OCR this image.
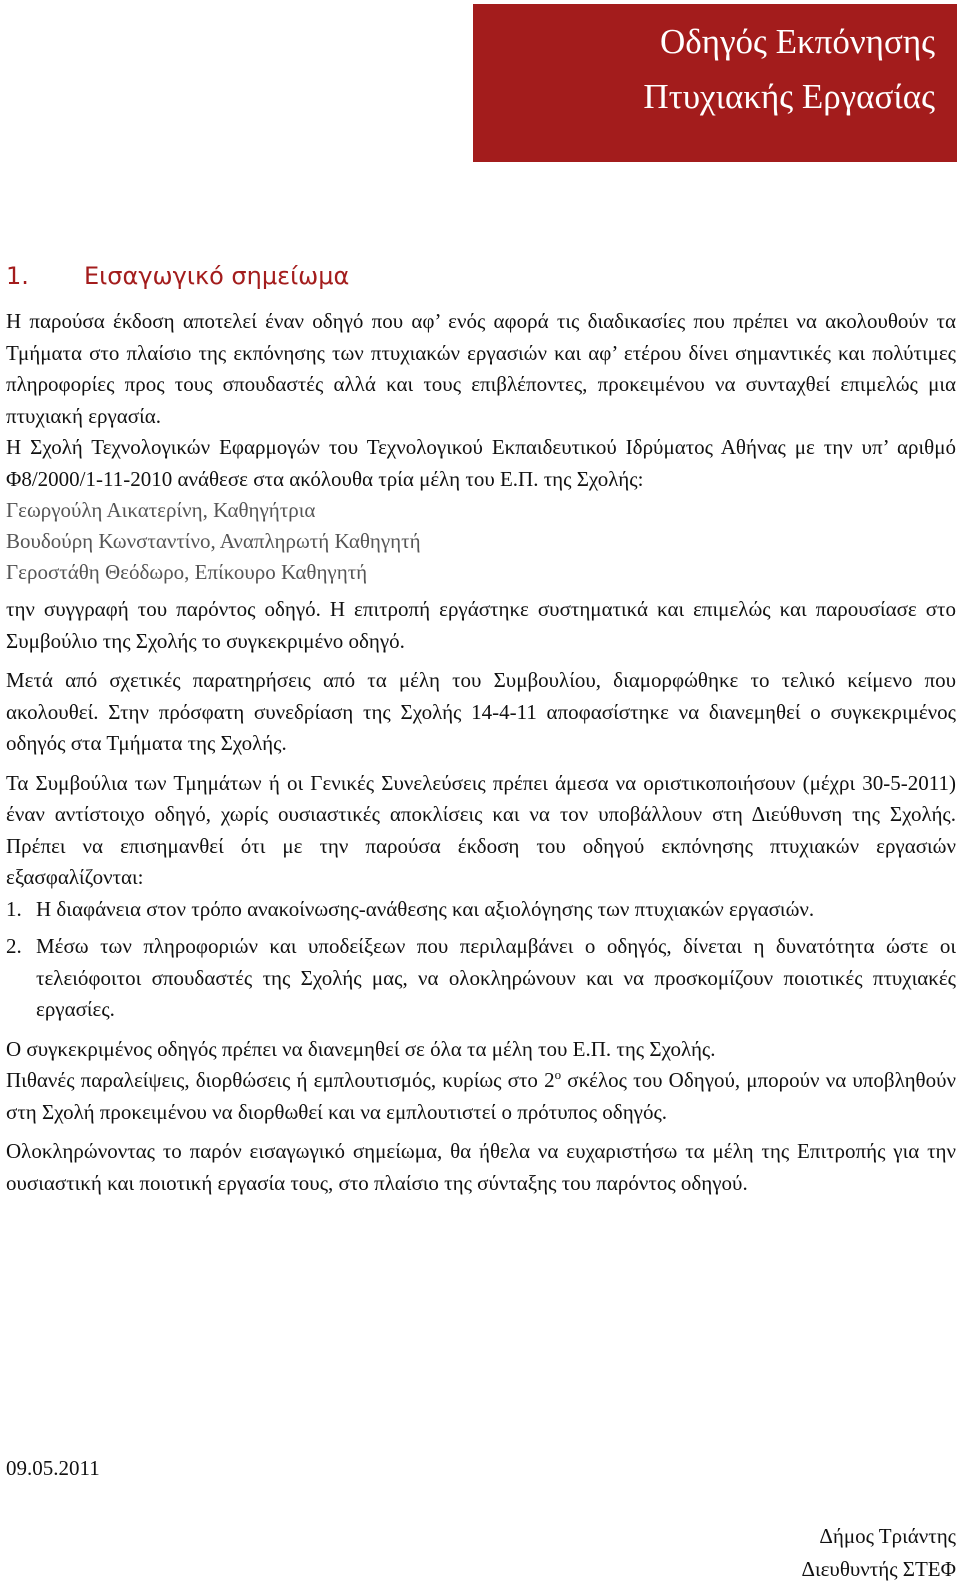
Οδηγός Εκπόνησης
Πτυχιακής Εργασίας
1. Εισαγωγικό σημείωμα

Η παρούσα έκδοση αποτελεί έναν οδηγό που αφ’ ενός αφορά τις διαδικασίες που πρέπει να ακολουθούν τα Τμήματα στο πλαίσιο της εκπόνησης των πτυχιακών εργασιών και αφ’ ετέρου δίνει σημαντικές και πολύτιμες πληροφορίες προς τους σπουδαστές αλλά και τους επιβλέποντες, προκειμένου να συνταχθεί επιμελώς μια πτυχιακή εργασία.

Η Σχολή Τεχνολογικών Εφαρμογών του Τεχνολογικού Εκπαιδευτικού Ιδρύματος Αθήνας με την υπ’ αριθμό Φ8/2000/1-11-2010 ανάθεσε στα ακόλουθα τρία μέλη του Ε.Π. της Σχολής:

Γεωργούλη Αικατερίνη, Καθηγήτρια
Βουδούρη Κωνσταντίνο, Αναπληρωτή Καθηγητή
Γεροστάθη Θεόδωρο, Επίκουρο Καθηγητή

την συγγραφή του παρόντος οδηγό. Η επιτροπή εργάστηκε συστηματικά και επιμελώς και παρουσίασε στο Συμβούλιο της Σχολής το συγκεκριμένο οδηγό.

Μετά από σχετικές παρατηρήσεις από τα μέλη του Συμβουλίου, διαμορφώθηκε το τελικό κείμενο που ακολουθεί. Στην πρόσφατη συνεδρίαση της Σχολής 14-4-11 αποφασίστηκε να διανεμηθεί ο συγκεκριμένος οδηγός στα Τμήματα της Σχολής.

Τα Συμβούλια των Τμημάτων ή οι Γενικές Συνελεύσεις πρέπει άμεσα να οριστικοποιήσουν (μέχρι 30-5-2011) έναν αντίστοιχο οδηγό, χωρίς ουσιαστικές αποκλίσεις και να τον υποβάλλουν στη Διεύθυνση της Σχολής. Πρέπει να επισημανθεί ότι με την παρούσα έκδοση του οδηγού εκπόνησης πτυχιακών εργασιών εξασφαλίζονται:

1. Η διαφάνεια στον τρόπο ανακοίνωσης-ανάθεσης και αξιολόγησης των πτυχιακών εργασιών.
2. Μέσω των πληροφοριών και υποδείξεων που περιλαμβάνει ο οδηγός, δίνεται η δυνατότητα ώστε οι τελειόφοιτοι σπουδαστές της Σχολής μας, να ολοκληρώνουν και να προσκομίζουν ποιοτικές πτυχιακές εργασίες.

Ο συγκεκριμένος οδηγός πρέπει να διανεμηθεί σε όλα τα μέλη του Ε.Π. της Σχολής.

Πιθανές παραλείψεις, διορθώσεις ή εμπλουτισμός, κυρίως στο $2^o$ σκέλος του Οδηγού, μπορούν να υποβληθούν στη Σχολή προκειμένου να διορθωθεί και να εμπλουτιστεί ο πρότυπος οδηγός.

Ολοκληρώνοντας το παρόν εισαγωγικό σημείωμα, θα ήθελα να ευχαριστήσω τα μέλη της Επιτροπής για την ουσιαστική και ποιοτική εργασία τους, στο πλαίσιο της σύνταξης του παρόντος οδηγού.

09.05.2011
Δήμος Τριάντης
Διευθυντής ΣΤΕΦ
